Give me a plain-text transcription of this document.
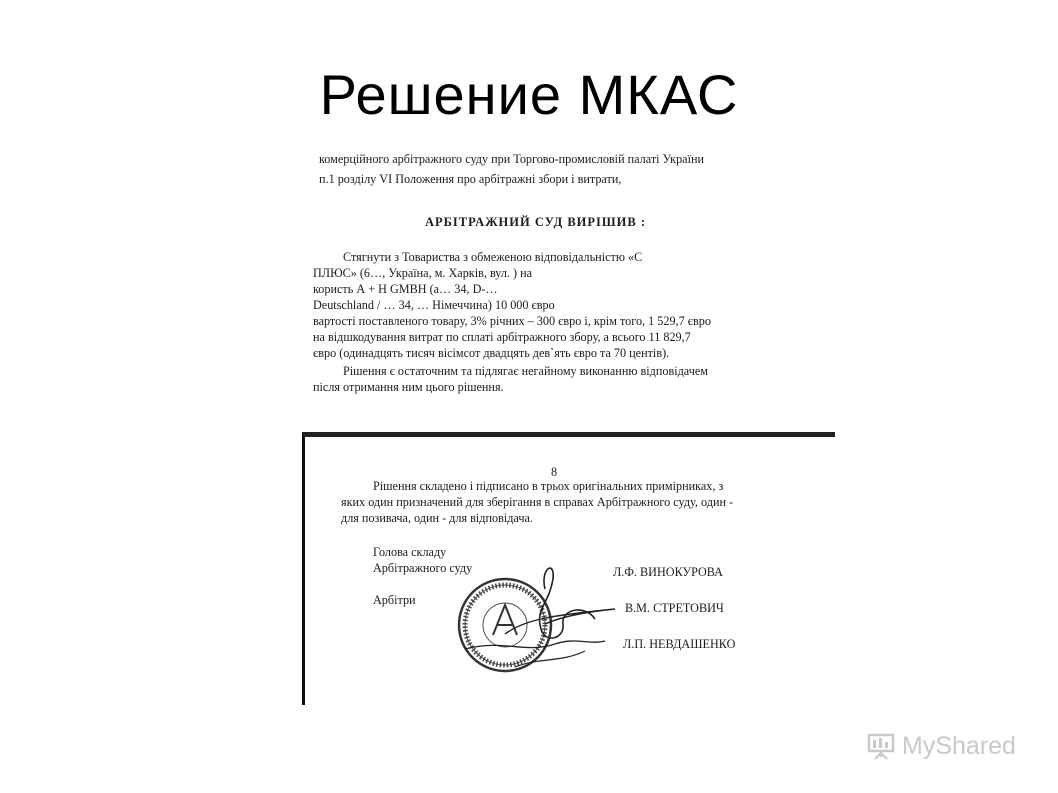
Решение МКАС
комерційного арбітражного суду при Торгово-промисловій палаті України
п.1 розділу VI Положення про арбітражні збори і витрати,
АРБІТРАЖНИЙ СУД ВИРІШИВ :
Стягнути з Товариства з обмеженою відповідальністю «С
ПЛЮС» (6…, Україна, м. Харків, вул. ) на
користь А + Н GMBH (а… 34, D-…
Deutschland / … 34, … Німеччина) 10 000 євро
вартості поставленого товару, 3% річних – 300 євро і, крім того, 1 529,7 євро
на відшкодування витрат по сплаті арбітражного збору, а всього 11 829,7
євро (одинадцять тисяч вісімсот двадцять дев`ять євро та 70 центів).
Рішення є остаточним та підлягає негайному виконанню відповідачем
після отримання ним цього рішення.
8
Рішення складено і підписано в трьох оригінальних примірниках, з
яких один призначений для зберігання в справах Арбітражного суду, один -
для позивача, один - для відповідача.
Голова складу
Арбітражного суду	Л.Ф. ВИНОКУРОВА
Арбітри
В.М. СТРЕТОВИЧ
Л.П. НЕВДАШЕНКО
MyShared
